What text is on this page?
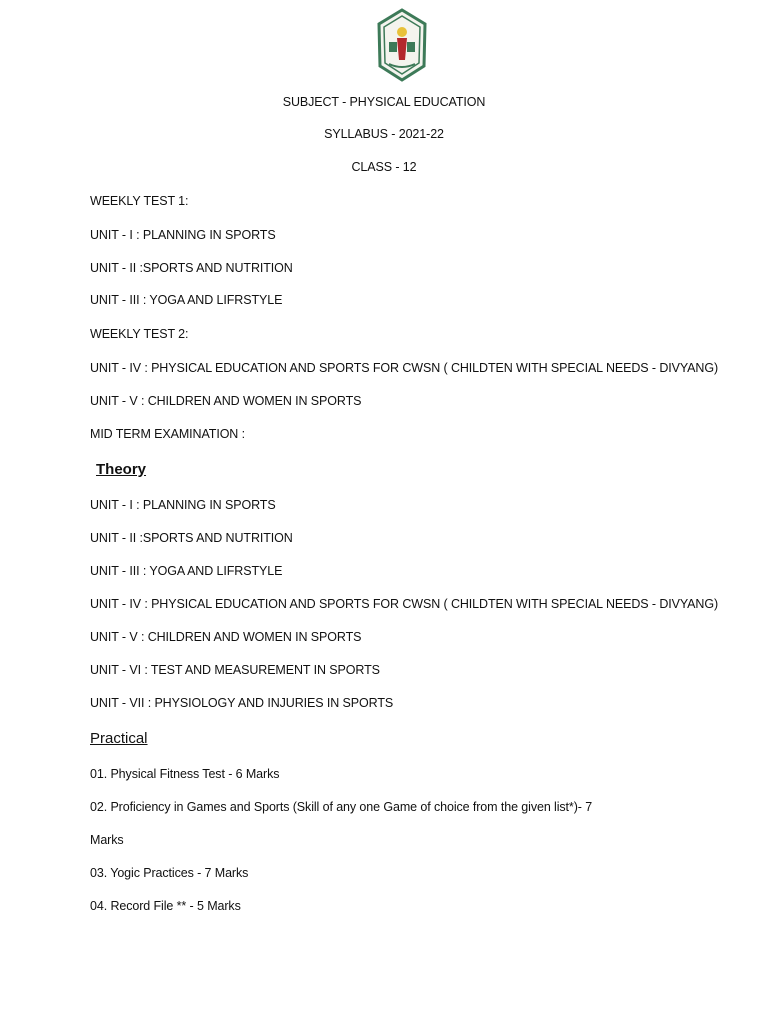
SUBJECT - PHYSICAL EDUCATION
SYLLABUS - 2021-22
CLASS - 12
WEEKLY TEST 1:
UNIT - I : PLANNING IN SPORTS
UNIT - II :SPORTS AND NUTRITION
UNIT - III : YOGA AND LIFRSTYLE
WEEKLY TEST 2:
UNIT - IV : PHYSICAL EDUCATION AND SPORTS FOR CWSN ( CHILDTEN WITH SPECIAL NEEDS - DIVYANG)
UNIT - V : CHILDREN AND WOMEN IN SPORTS
MID TERM EXAMINATION :
Theory
UNIT - I : PLANNING IN SPORTS
UNIT - II :SPORTS AND NUTRITION
UNIT - III : YOGA AND LIFRSTYLE
UNIT - IV : PHYSICAL EDUCATION AND SPORTS FOR CWSN ( CHILDTEN WITH SPECIAL NEEDS - DIVYANG)
UNIT - V : CHILDREN AND WOMEN IN SPORTS
UNIT - VI : TEST AND MEASUREMENT IN SPORTS
UNIT - VII : PHYSIOLOGY AND INJURIES IN SPORTS
Practical
01. Physical Fitness Test - 6 Marks
02. Proficiency in Games and Sports (Skill of any one Game of choice from the given list*)- 7
Marks
03. Yogic Practices - 7 Marks
04. Record File ** - 5 Marks
